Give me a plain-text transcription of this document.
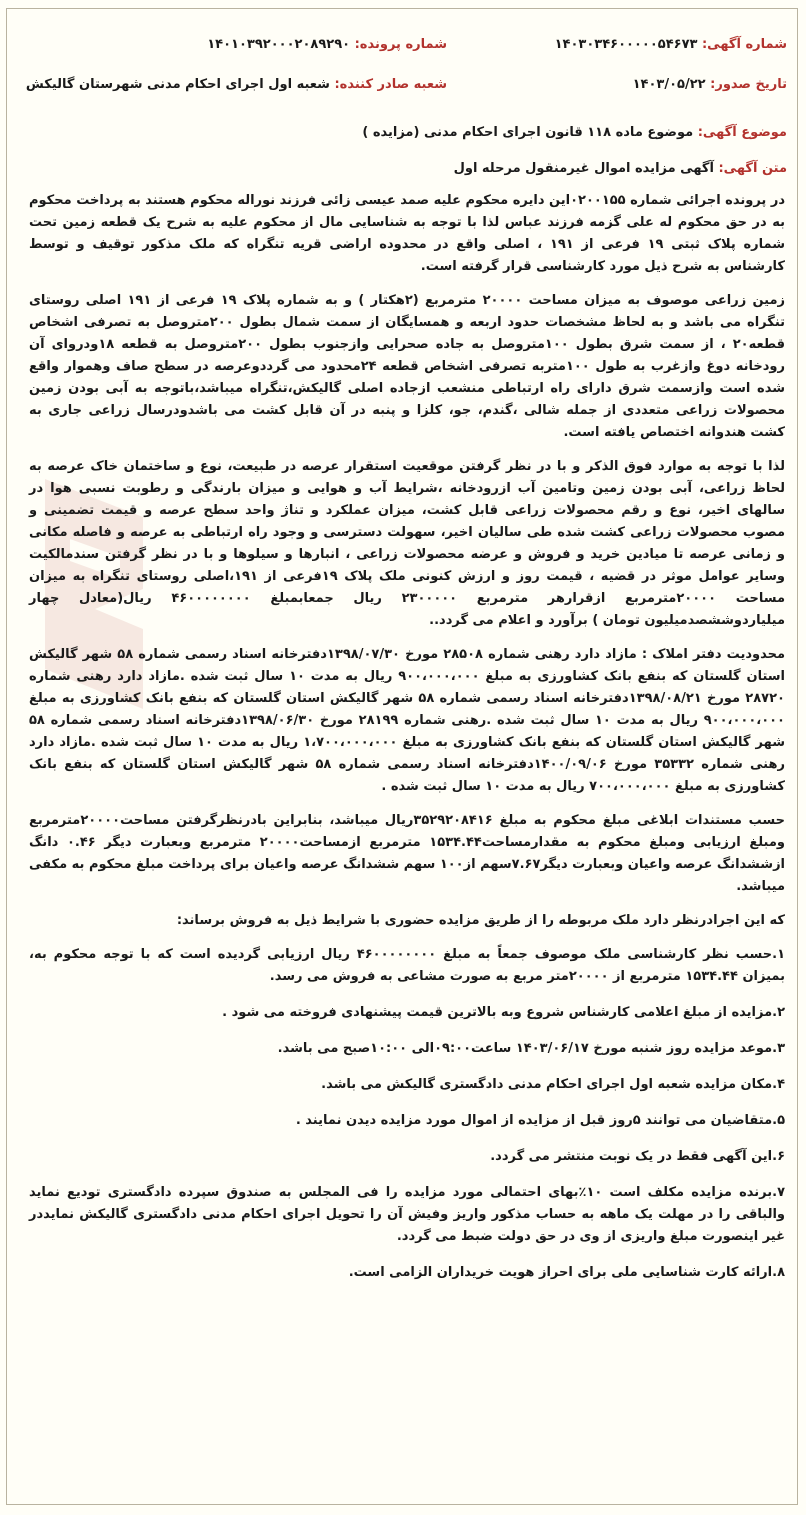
شماره آگهی: ۱۴۰۳۰۳۴۶۰۰۰۰۰۵۴۶۷۳
شماره پرونده: ۱۴۰۱۰۳۹۲۰۰۰۲۰۸۹۲۹۰
تاریخ صدور: ۱۴۰۳/۰۵/۲۲
شعبه صادر کننده: شعبه اول اجرای احکام مدنی شهرستان گالیکش
موضوع آگهی: موضوع ماده ۱۱۸ قانون اجرای احکام مدنی (مزایده )
متن آگهی: آگهی مزایده اموال غیرمنقول مرحله اول

در پرونده اجرائی شماره ۰۲۰۰۱۵۵این دایره محکوم علیه صمد عیسی زائی فرزند نوراله محکوم هستند به پرداخت محکوم به در حق محکوم له علی گزمه فرزند عباس لذا با توجه به شناسایی مال از محکوم علیه به شرح یک قطعه زمین تحت شماره پلاک ثبتی ۱۹ فرعی از ۱۹۱ ، اصلی واقع در محدوده اراضی قریه تنگراه که ملک مذکور توقیف و توسط کارشناس به شرح ذیل مورد کارشناسی قرار گرفته است.

زمین زراعی موصوف به میزان مساحت ۲۰۰۰۰ مترمربع (۲هکتار ) و به شماره پلاک ۱۹ فرعی از ۱۹۱ اصلی روستای تنگراه می باشد و به لحاظ مشخصات حدود اربعه و همسایگان از سمت شمال بطول ۲۰۰متروصل به تصرفی اشخاص قطعه۲۰ ، از سمت شرق بطول ۱۰۰متروصل به جاده صحرایی وازجنوب بطول ۲۰۰متروصل به قطعه ۱۸ودروای آن رودخانه دوغ وازغرب به طول ۱۰۰متربه تصرفی اشخاص قطعه ۲۴محدود می گرددوعرصه در سطح صاف وهموار واقع شده است وازسمت شرق دارای راه ارتباطی منشعب ازجاده اصلی گالیکش،تنگراه میباشد،باتوجه به آبی بودن زمین محصولات زراعی متعددی از جمله شالی ،گندم، جو، کلزا و پنبه در آن قابل کشت می باشدودرسال زراعی جاری به کشت هندوانه اختصاص یافته است.

لذا با توجه به موارد فوق الذکر و با در نظر گرفتن موقعیت استقرار عرصه در طبیعت، نوع و ساختمان خاک عرصه به لحاظ زراعی، آبی بودن زمین وتامین آب ازرودخانه ،شرایط آب و هوایی و میزان بارندگی و رطوبت نسبی هوا در سالهای اخیر، نوع و رقم محصولات زراعی قابل کشت، میزان عملکرد و تناژ واحد سطح عرصه و قیمت تضمینی و مصوب محصولات زراعی کشت شده طی سالیان اخیر، سهولت دسترسی و وجود راه ارتباطی به عرصه و فاصله مکانی و زمانی عرصه تا میادین خرید و فروش و عرضه محصولات زراعی ، انبارها و سیلوها و با در نظر گرفتن سندمالکیت وسایر عوامل موثر در قضیه ، قیمت روز و ارزش کنونی ملک پلاک ۱۹فرعی از ۱۹۱،اصلی روستای تنگراه به میزان مساحت ۲۰۰۰۰مترمربع ازقرارهر مترمربع ۲۳۰۰۰۰۰ ریال جمعابمبلغ ۴۶۰۰۰۰۰۰۰۰ ریال(معادل چهار میلیاردوششصدمیلیون تومان ) برآورد و اعلام می گردد..

محدودیت دفتر املاک : مازاد دارد رهنی شماره ۲۸۵۰۸ مورخ ۱۳۹۸/۰۷/۳۰دفترخانه اسناد رسمی شماره ۵۸ شهر گالیکش استان گلستان که بنفع بانک کشاورزی به مبلغ ۹۰۰،۰۰۰،۰۰۰ ریال به مدت ۱۰ سال ثبت شده .مازاد دارد رهنی شماره ۲۸۷۲۰ مورخ ۱۳۹۸/۰۸/۲۱دفترخانه اسناد رسمی شماره ۵۸ شهر گالیکش استان گلستان که بنفع بانک کشاورزی به مبلغ ۹۰۰،۰۰۰،۰۰۰ ریال به مدت ۱۰ سال ثبت شده .رهنی شماره ۲۸۱۹۹ مورخ ۱۳۹۸/۰۶/۳۰دفترخانه اسناد رسمی شماره ۵۸ شهر گالیکش استان گلستان که بنفع بانک کشاورزی به مبلغ ۱،۷۰۰،۰۰۰،۰۰۰ ریال به مدت ۱۰ سال ثبت شده .مازاد دارد رهنی شماره ۳۵۳۳۲ مورخ ۱۴۰۰/۰۹/۰۶دفترخانه اسناد رسمی شماره ۵۸ شهر گالیکش استان گلستان که بنفع بانک کشاورزی به مبلغ ۷۰۰،۰۰۰،۰۰۰ ریال به مدت ۱۰ سال ثبت شده .

حسب مستندات ابلاغی مبلغ محکوم به مبلغ ۳۵۲۹۲۰۸۴۱۶ریال میباشد، بنابراین بادرنظرگرفتن مساحت۲۰۰۰۰مترمربع ومبلغ ارزیابی ومبلغ محکوم به مقدارمساحت۱۵۳۴.۴۴ مترمربع ازمساحت۲۰۰۰۰ مترمربع وبعبارت دیگر ۰.۴۶ دانگ ازششدانگ عرصه واعیان وبعبارت دیگر۷.۶۷سهم از۱۰۰ سهم ششدانگ عرصه واعیان برای پرداخت مبلغ محکوم به مکفی میباشد.

که این اجرادرنظر دارد ملک مربوطه را از طریق مزایده حضوری با شرایط ذیل به فروش برساند:

۱.حسب نظر کارشناسی ملک موصوف جمعاً به مبلغ ۴۶۰۰۰۰۰۰۰۰ ریال ارزیابی گردیده است که با توجه محکوم به، بمیزان ۱۵۳۴.۴۴ مترمربع از ۲۰۰۰۰متر مربع به صورت مشاعی به فروش می رسد.

۲.مزایده از مبلغ اعلامی کارشناس شروع وبه بالاترین قیمت پیشنهادی فروخته می شود .

۳.موعد مزایده روز شنبه مورخ ۱۴۰۳/۰۶/۱۷ ساعت۰۹:۰۰الی ۱۰:۰۰صبح می باشد.

۴.مکان مزایده شعبه اول اجرای احکام مدنی دادگستری گالیکش می باشد.

۵.متقاضیان می توانند ۵روز قبل از مزایده از اموال مورد مزایده دیدن نمایند .

۶.این آگهی فقط در یک نوبت منتشر می گردد.

۷.برنده مزایده مکلف است ۱۰٪بهای احتمالی مورد مزایده را فی المجلس به صندوق سپرده دادگستری تودیع نماید والباقی را در مهلت یک ماهه به حساب مذکور واریز وفیش آن را تحویل اجرای احکام مدنی دادگستری گالیکش نمایددر غیر اینصورت مبلغ واریزی از وی در حق دولت ضبط می گردد.

۸.ارائه کارت شناسایی ملی برای احراز هویت خریداران الزامی است.
